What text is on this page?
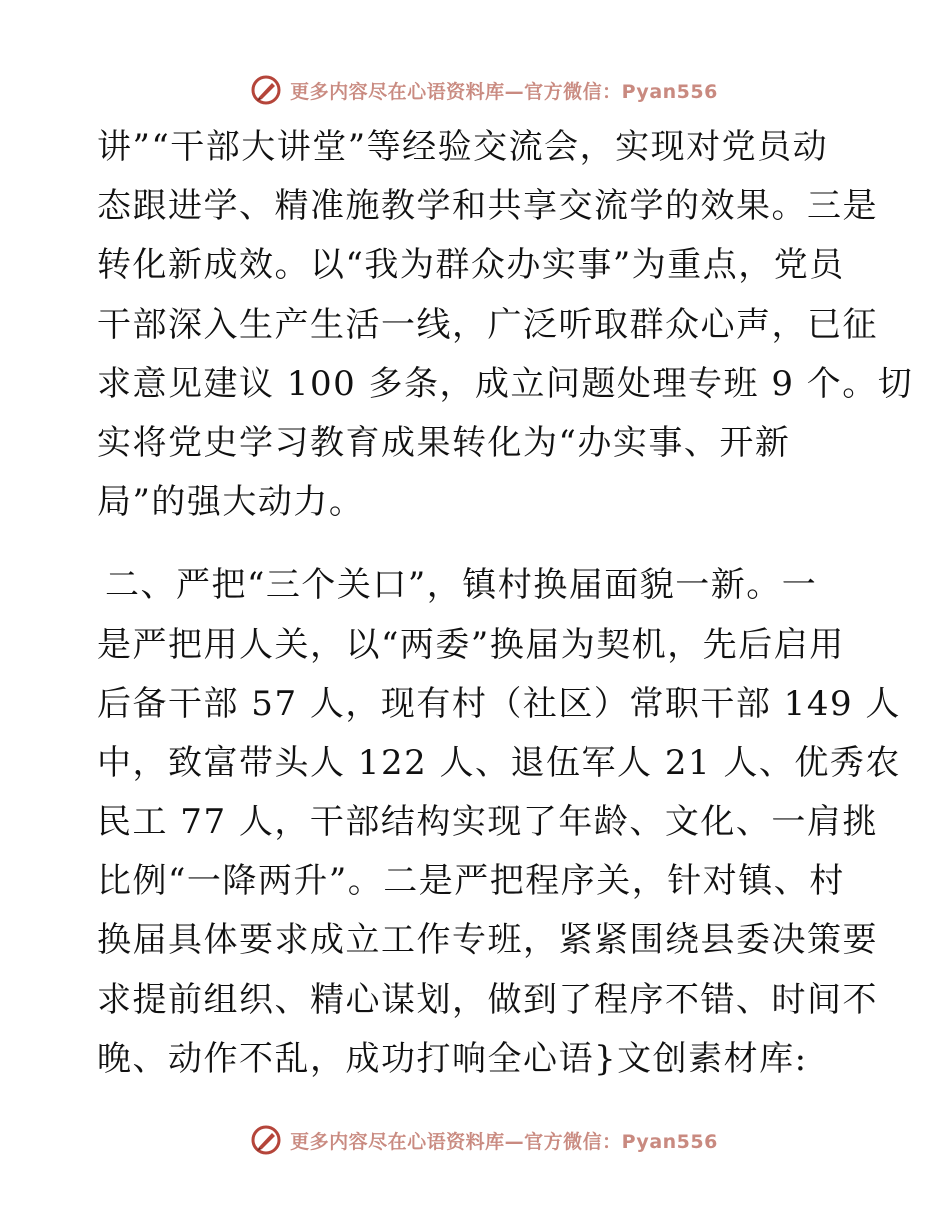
更多内容尽在心语资料库—官方微信：Pyan556
讲”“干部大讲堂”等经验交流会，实现对党员动
态跟进学、精准施教学和共享交流学的效果。三是
转化新成效。以“我为群众办实事”为重点，党员
干部深入生产生活一线，广泛听取群众心声，已征
求意见建议 100 多条，成立问题处理专班 9 个。切
实将党史学习教育成果转化为“办实事、开新
局”的强大动力。
二、严把“三个关口”，镇村换届面貌一新。一
是严把用人关，以“两委”换届为契机，先后启用
后备干部 57 人，现有村（社区）常职干部 149 人
中，致富带头人 122 人、退伍军人 21 人、优秀农
民工 77 人，干部结构实现了年龄、文化、一肩挑
比例“一降两升”。二是严把程序关，针对镇、村
换届具体要求成立工作专班，紧紧围绕县委决策要
求提前组织、精心谋划，做到了程序不错、时间不
晚、动作不乱，成功打响全心语}文创素材库:
更多内容尽在心语资料库—官方微信：Pyan556
